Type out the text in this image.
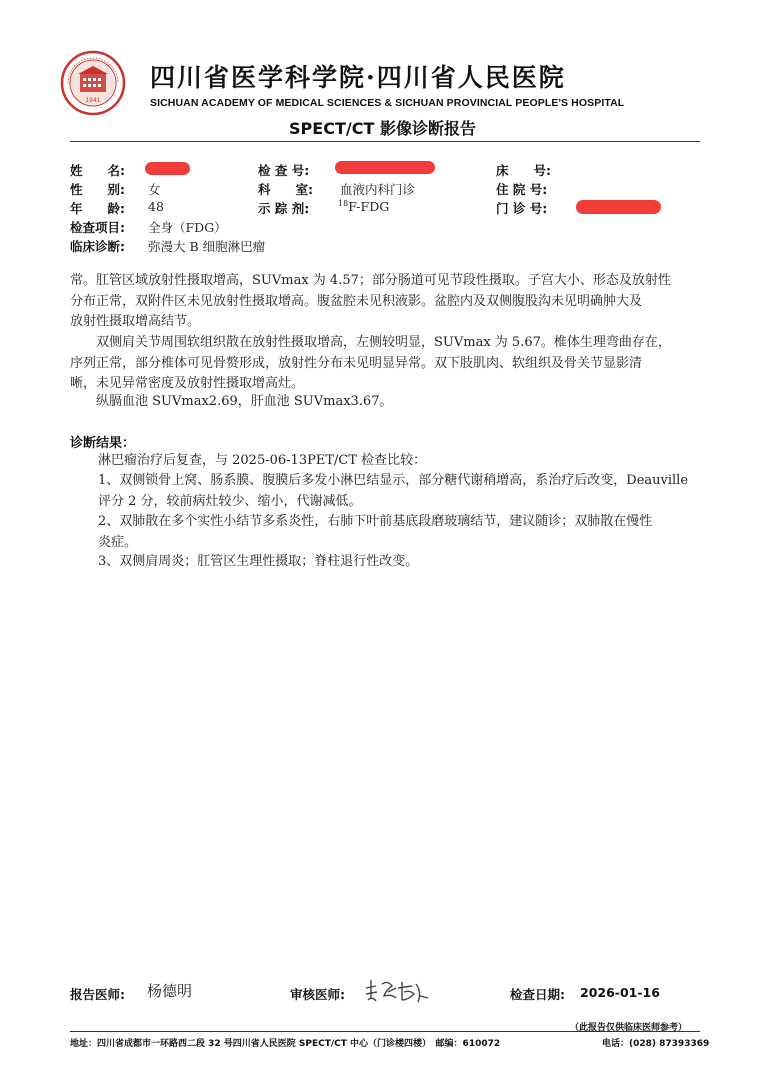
1941
四川省医学科学院·四川省人民医院
SICHUAN ACADEMY OF MEDICAL SCIENCES & SICHUAN PROVINCIAL PEOPLE'S HOSPITAL
SPECT/CT 影像诊断报告
姓　　名:	检 查 号:	床　　号:
性　　别: 女	科　　室: 血液内科门诊	住 院 号:
年　　龄: 48	示 踪 剂:	$^{18}$F-FDG	门 诊 号:
检查项目: 全身（FDG）
临床诊断: 弥漫大 B 细胞淋巴瘤
常。肛管区域放射性摄取增高，SUVmax 为 4.57；部分肠道可见节段性摄取。子宫大小、形态及放射性
分布正常，双附件区未见放射性摄取增高。腹盆腔未见积液影。盆腔内及双侧腹股沟未见明确肿大及
放射性摄取增高结节。
　　双侧肩关节周围软组织散在放射性摄取增高，左侧较明显，SUVmax 为 5.67。椎体生理弯曲存在，
序列正常，部分椎体可见骨赘形成，放射性分布未见明显异常。双下肢肌肉、软组织及骨关节显影清
晰，未见异常密度及放射性摄取增高灶。
　　纵膈血池 SUVmax2.69，肝血池 SUVmax3.67。
诊断结果：
淋巴瘤治疗后复查，与 2025-06-13PET/CT 检查比较：
1、双侧锁骨上窝、肠系膜、腹膜后多发小淋巴结显示，部分糖代谢稍增高，系治疗后改变，Deauville
评分 2 分，较前病灶较少、缩小，代谢减低。
2、双肺散在多个实性小结节多系炎性，右肺下叶前基底段磨玻璃结节，建议随诊；双肺散在慢性
炎症。
3、双侧肩周炎；肛管区生理性摄取；脊柱退行性改变。
报告医师: 杨德明	审核医师:	检查日期: 2026-01-16
（此报告仅供临床医师参考）
地址：四川省成都市一环路西二段 32 号四川省人民医院 SPECT/CT 中心（门诊楼四楼）　邮编：610072	电话：(028) 87393369
